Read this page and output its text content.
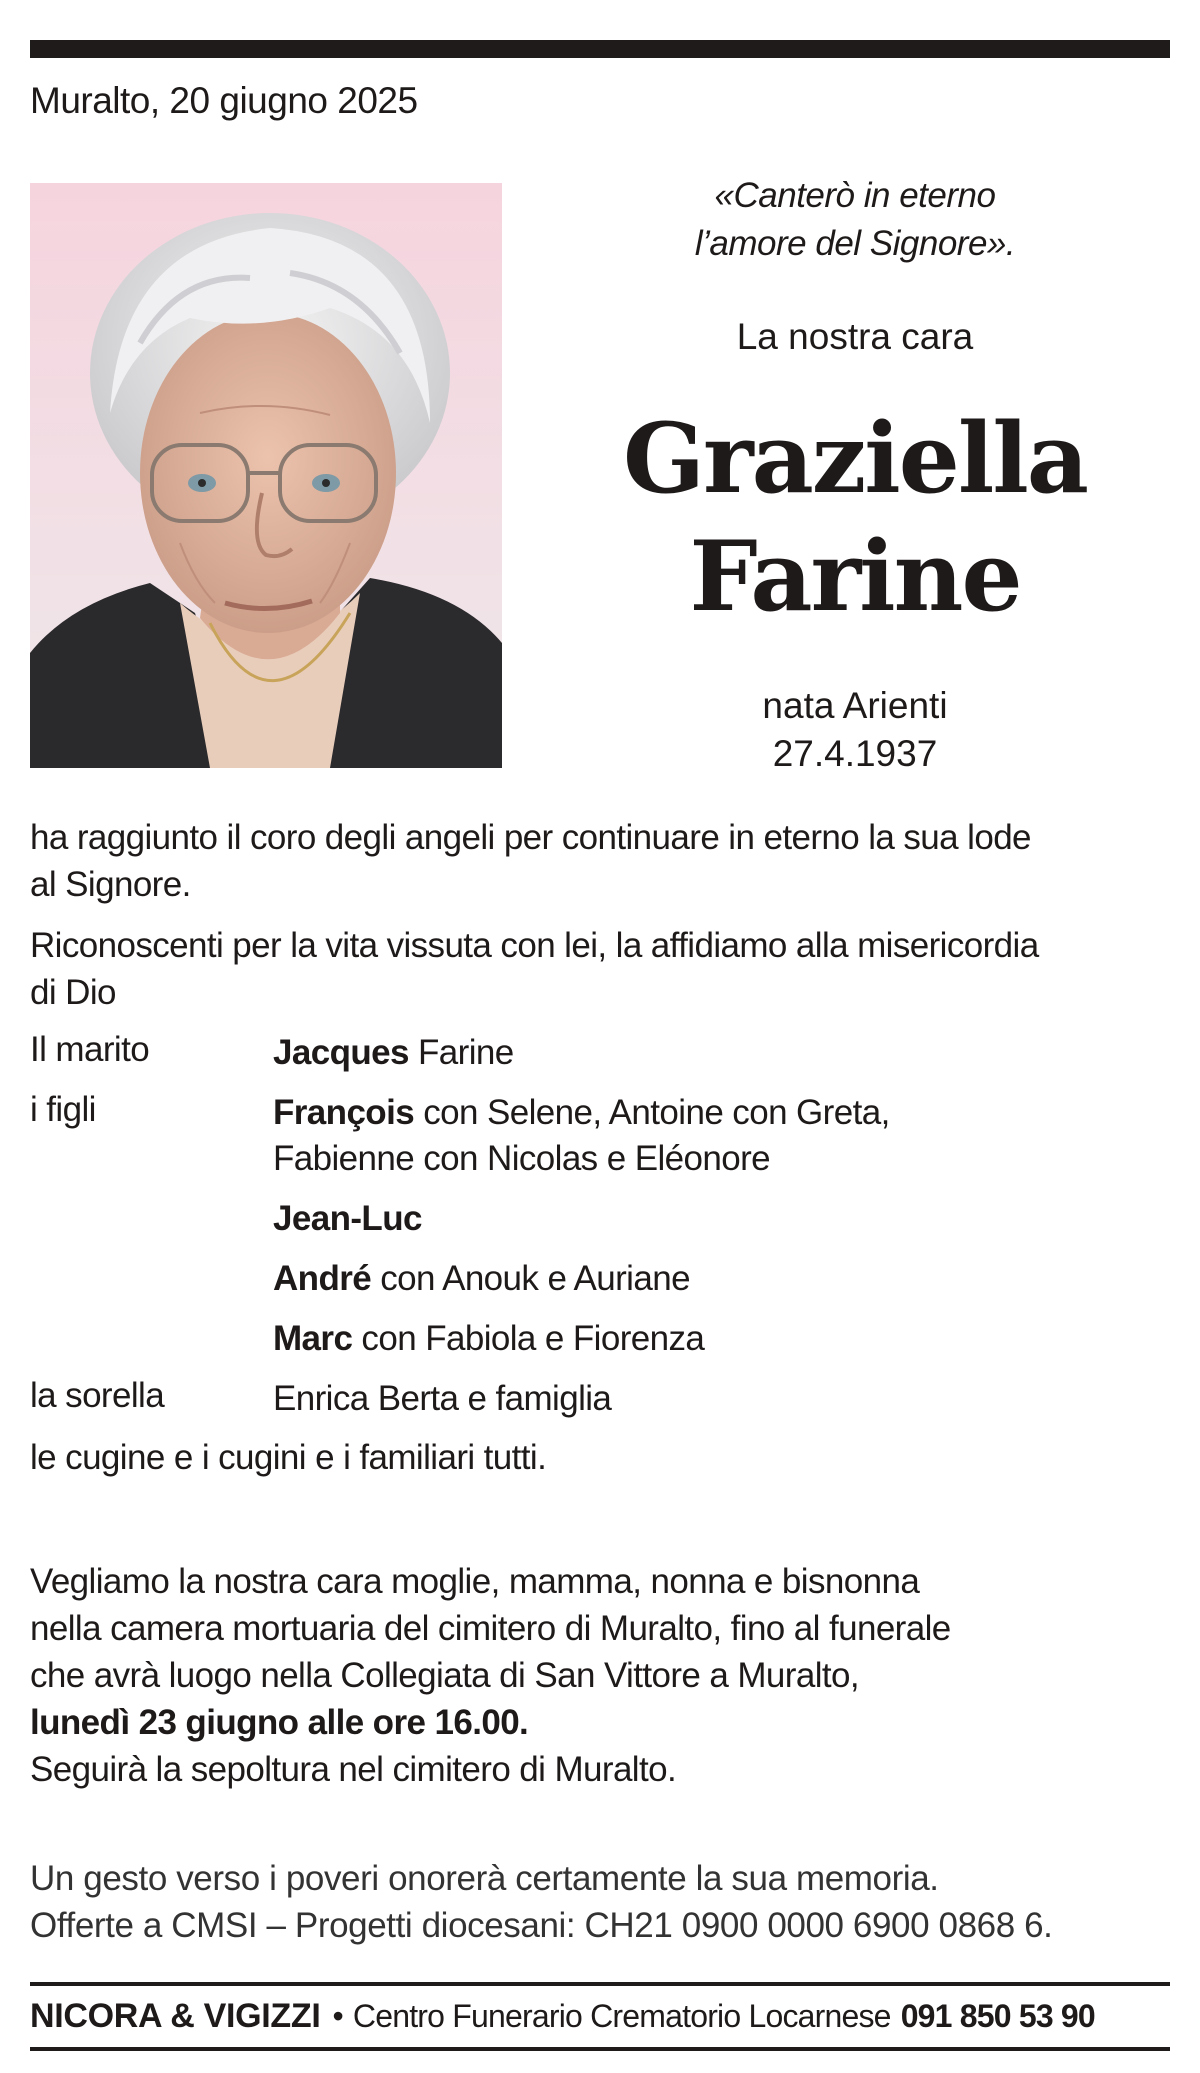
Muralto, 20 giugno 2025
«Canterò in eterno
l’amore del Signore».
La nostra cara
Graziella
Farine
nata Arienti
27.4.1937
ha raggiunto il coro degli angeli per continuare in eterno la sua lode
al Signore.
Riconoscenti per la vita vissuta con lei, la affidiamo alla misericordia
di Dio
Il marito	Jacques Farine
i figli	François con Selene, Antoine con Greta,
Fabienne con Nicolas e Eléonore
Jean-Luc
André con Anouk e Auriane
Marc con Fabiola e Fiorenza
la sorella	Enrica Berta e famiglia
le cugine e i cugini e i familiari tutti.
Vegliamo la nostra cara moglie, mamma, nonna e bisnonna
nella camera mortuaria del cimitero di Muralto, fino al funerale
che avrà luogo nella Collegiata di San Vittore a Muralto,
lunedì 23 giugno alle ore 16.00.
Seguirà la sepoltura nel cimitero di Muralto.
Un gesto verso i poveri onorerà certamente la sua memoria.
Offerte a CMSI – Progetti diocesani: CH21 0900 0000 6900 0868 6.
NICORA & VIGIZZI • Centro Funerario Crematorio Locarnese 091 850 53 90
